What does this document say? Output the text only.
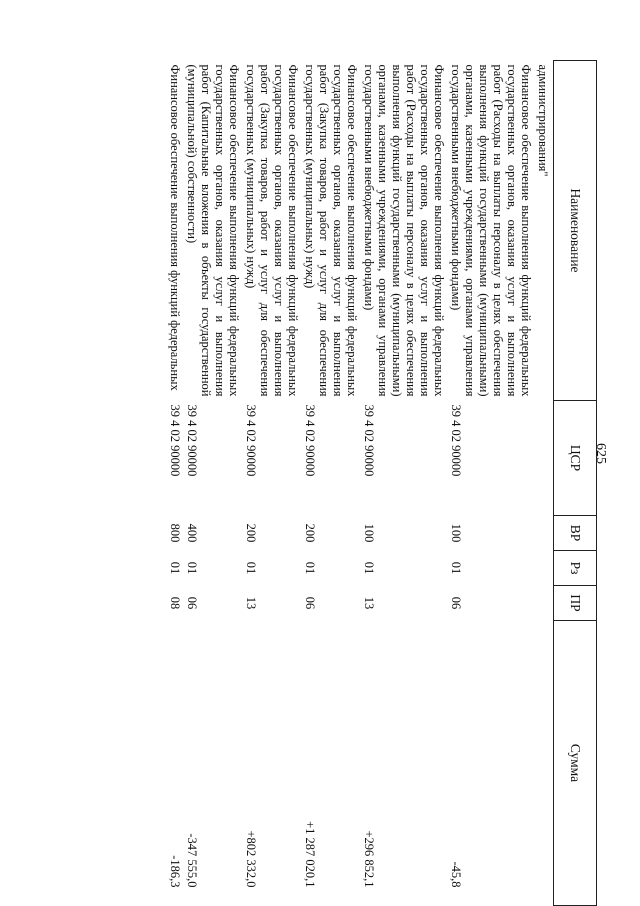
625
Наименование	ЦСР	ВР	Рз	ПР	Сумма
администрирования"					
Финансовое обеспечение выполнения функций федеральных государственных органов, оказания услуг и выполнения работ (Расходы на выплаты персоналу в целях обеспечения выполнения функций государственными (муниципальными) органами, казенными учреждениями, органами управления государственными внебюджетными фондами)	39 4 02 90000	100	01	06	-45,8
Финансовое обеспечение выполнения функций федеральных государственных органов, оказания услуг и выполнения работ (Расходы на выплаты персоналу в целях обеспечения выполнения функций государственными (муниципальными) органами, казенными учреждениями, органами управления государственными внебюджетными фондами)	39 4 02 90000	100	01	13	+296 852,1
Финансовое обеспечение выполнения функций федеральных государственных органов, оказания услуг и выполнения работ (Закупка товаров, работ и услуг для обеспечения государственных (муниципальных) нужд)	39 4 02 90000	200	01	06	+1 287 020,1
Финансовое обеспечение выполнения функций федеральных государственных органов, оказания услуг и выполнения работ (Закупка товаров, работ и услуг для обеспечения государственных (муниципальных) нужд)	39 4 02 90000	200	01	13	+802 332,0
Финансовое обеспечение выполнения функций федеральных государственных органов, оказания услуг и выполнения работ (Капитальные вложения в объекты государственной (муниципальной) собственности)	39 4 02 90000	400	01	06	-347 555,0
Финансовое обеспечение выполнения функций федеральных	39 4 02 90000	800	01	08	-186,3
